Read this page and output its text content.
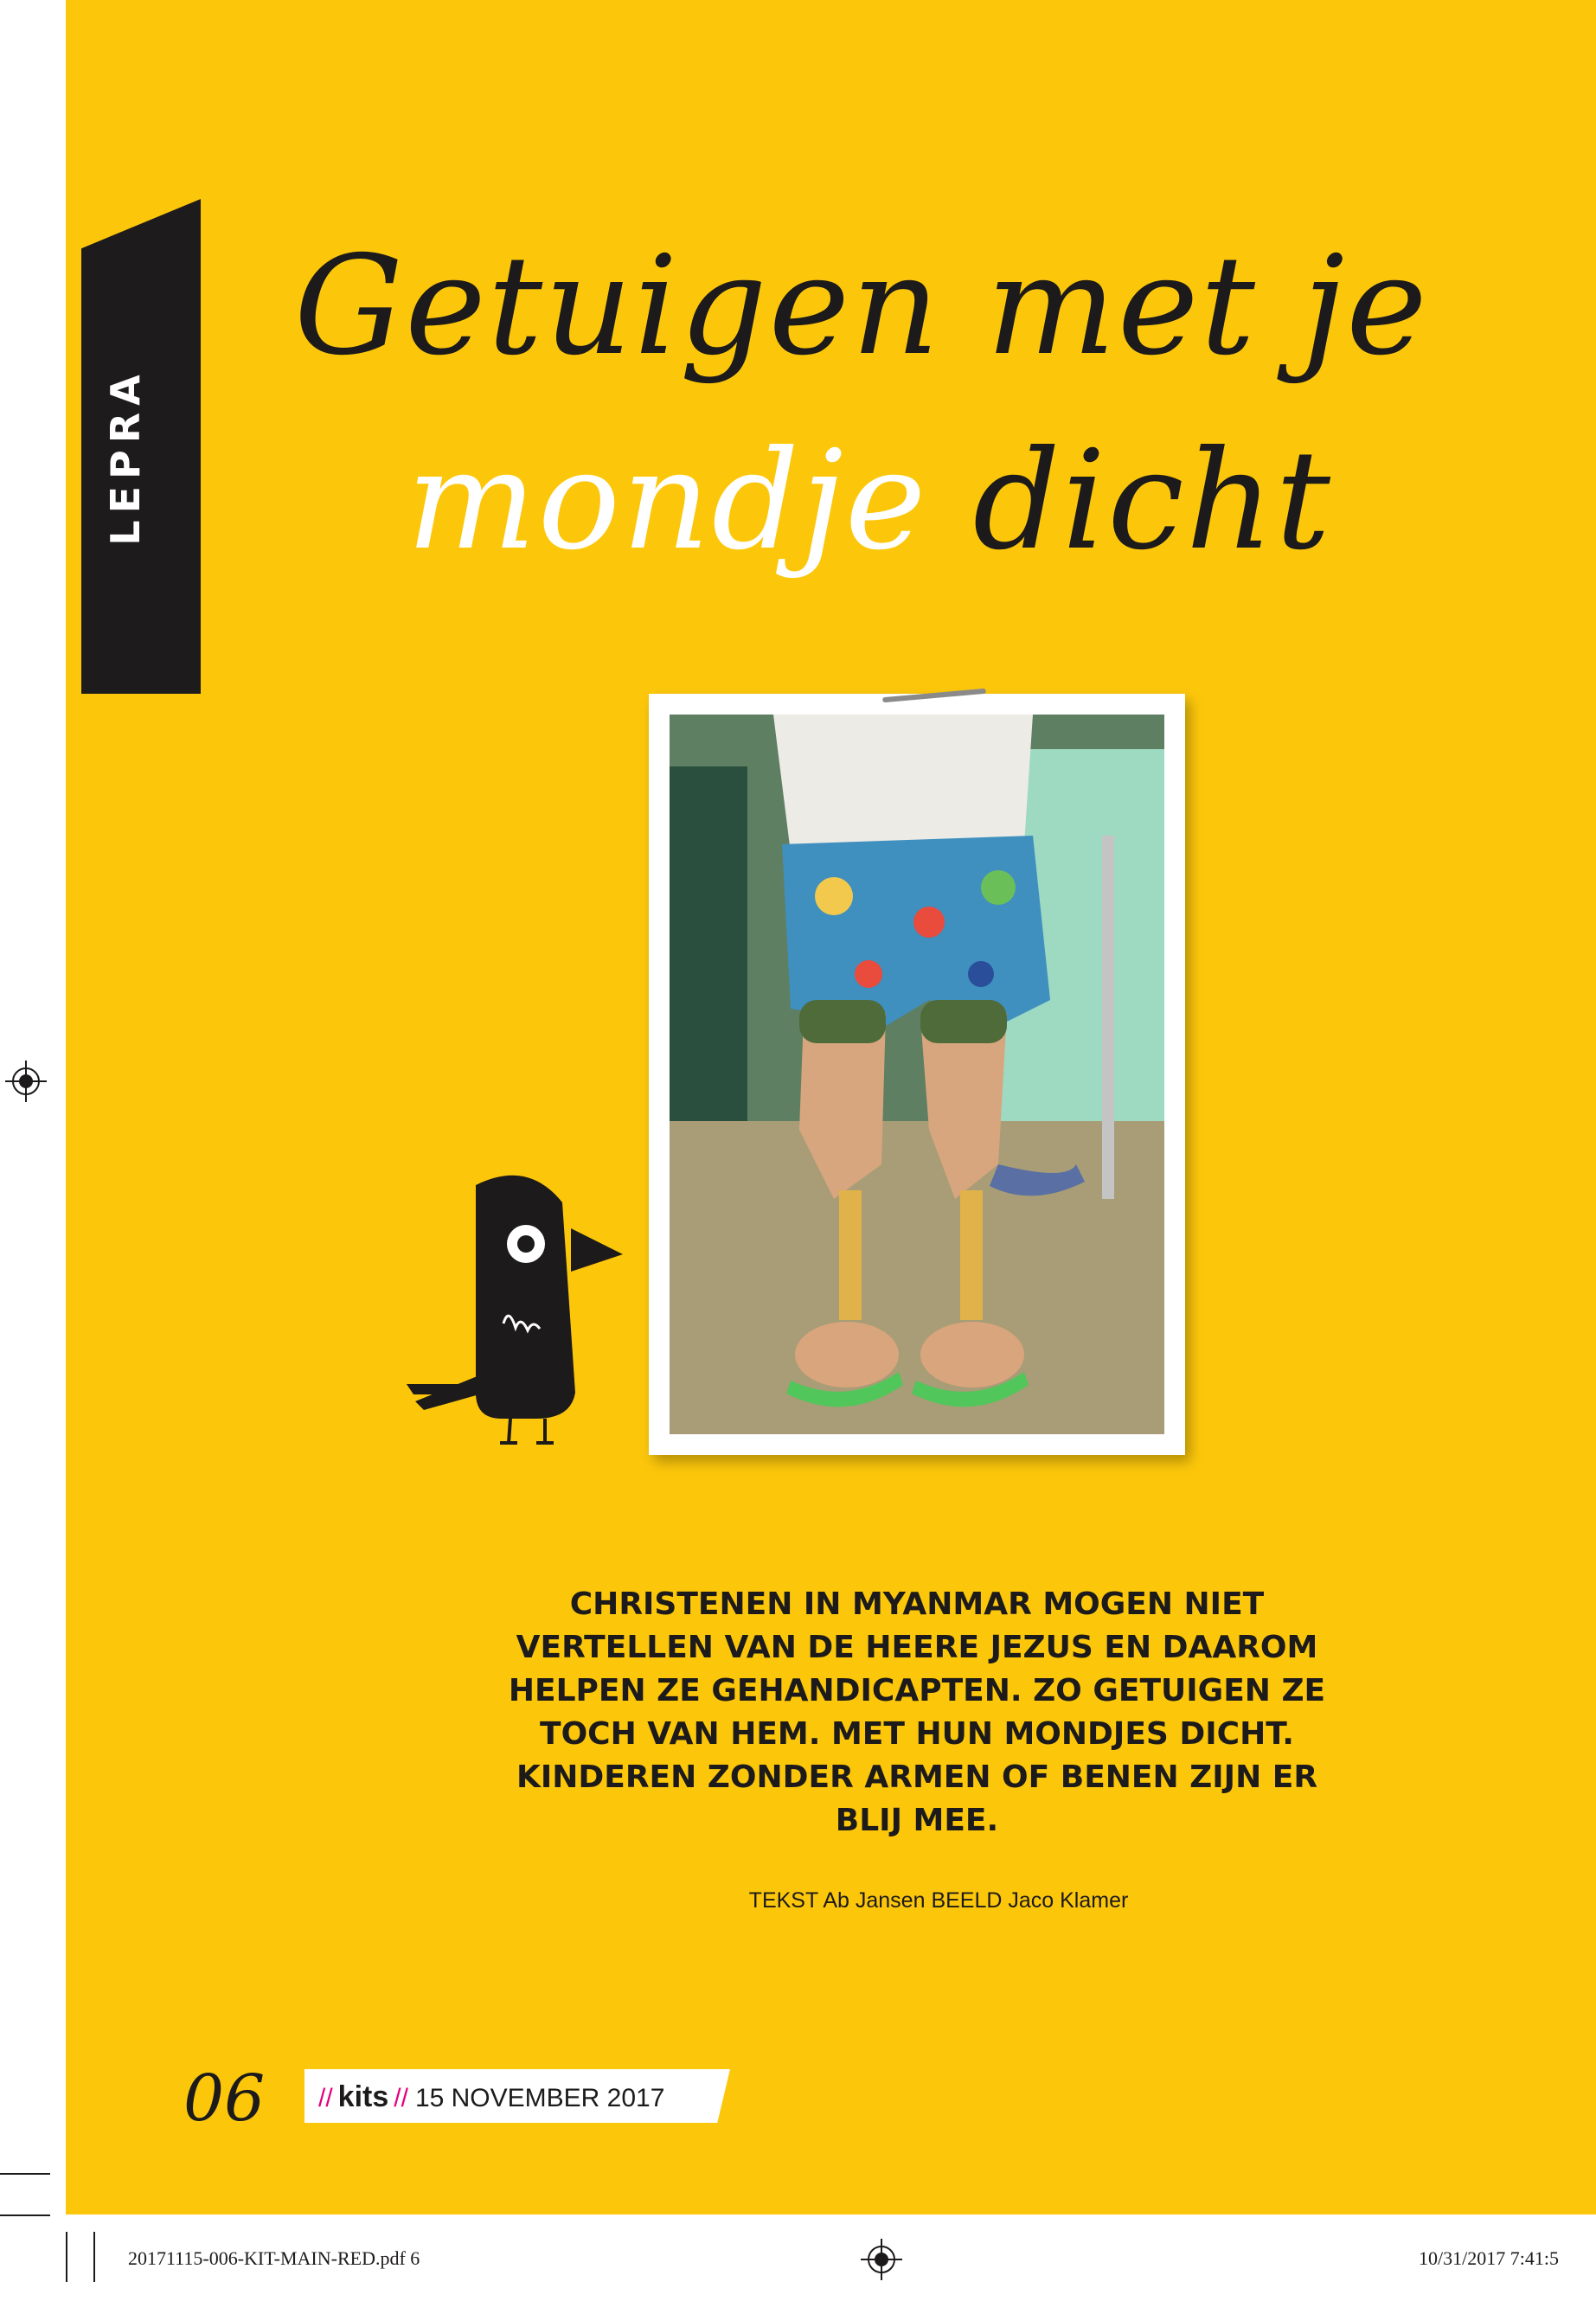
LEPRA
Getuigen met je
mondje dicht
CHRISTENEN IN MYANMAR MOGEN NIET VERTELLEN VAN DE HEERE JEZUS EN DAAROM HELPEN ZE GEHANDICAPTEN. ZO GETUIGEN ZE TOCH VAN HEM. MET HUN MONDJES DICHT. KINDEREN ZONDER ARMEN OF BENEN ZIJN ER BLIJ MEE.
TEKST Ab Jansen BEELD Jaco Klamer
06 // kits // 15 NOVEMBER 2017
20171115-006-KIT-MAIN-RED.pdf 6	10/31/2017 7:41:5
